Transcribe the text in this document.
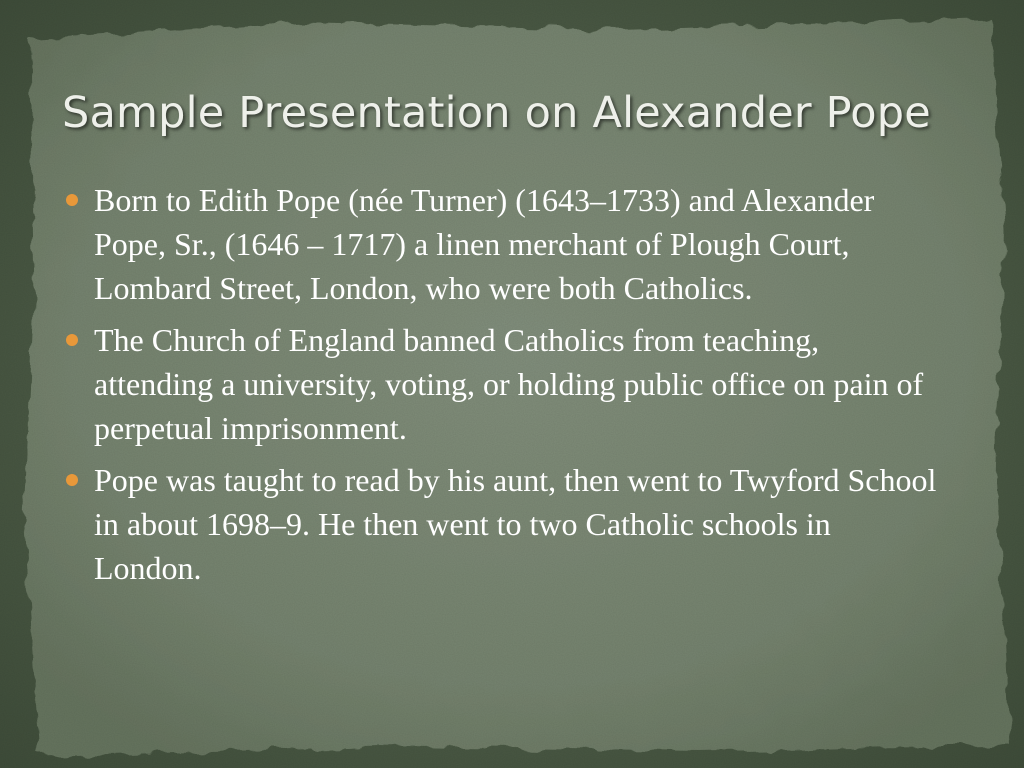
Sample Presentation on Alexander Pope
Born to Edith Pope (née Turner) (1643–1733) and Alexander Pope, Sr., (1646 – 1717) a linen merchant of Plough Court, Lombard Street, London, who were both Catholics.
The Church of England banned Catholics from teaching, attending a university, voting, or holding public office on pain of perpetual imprisonment.
Pope was taught to read by his aunt, then went to Twyford School in about 1698–9. He then went to two Catholic schools in London.
